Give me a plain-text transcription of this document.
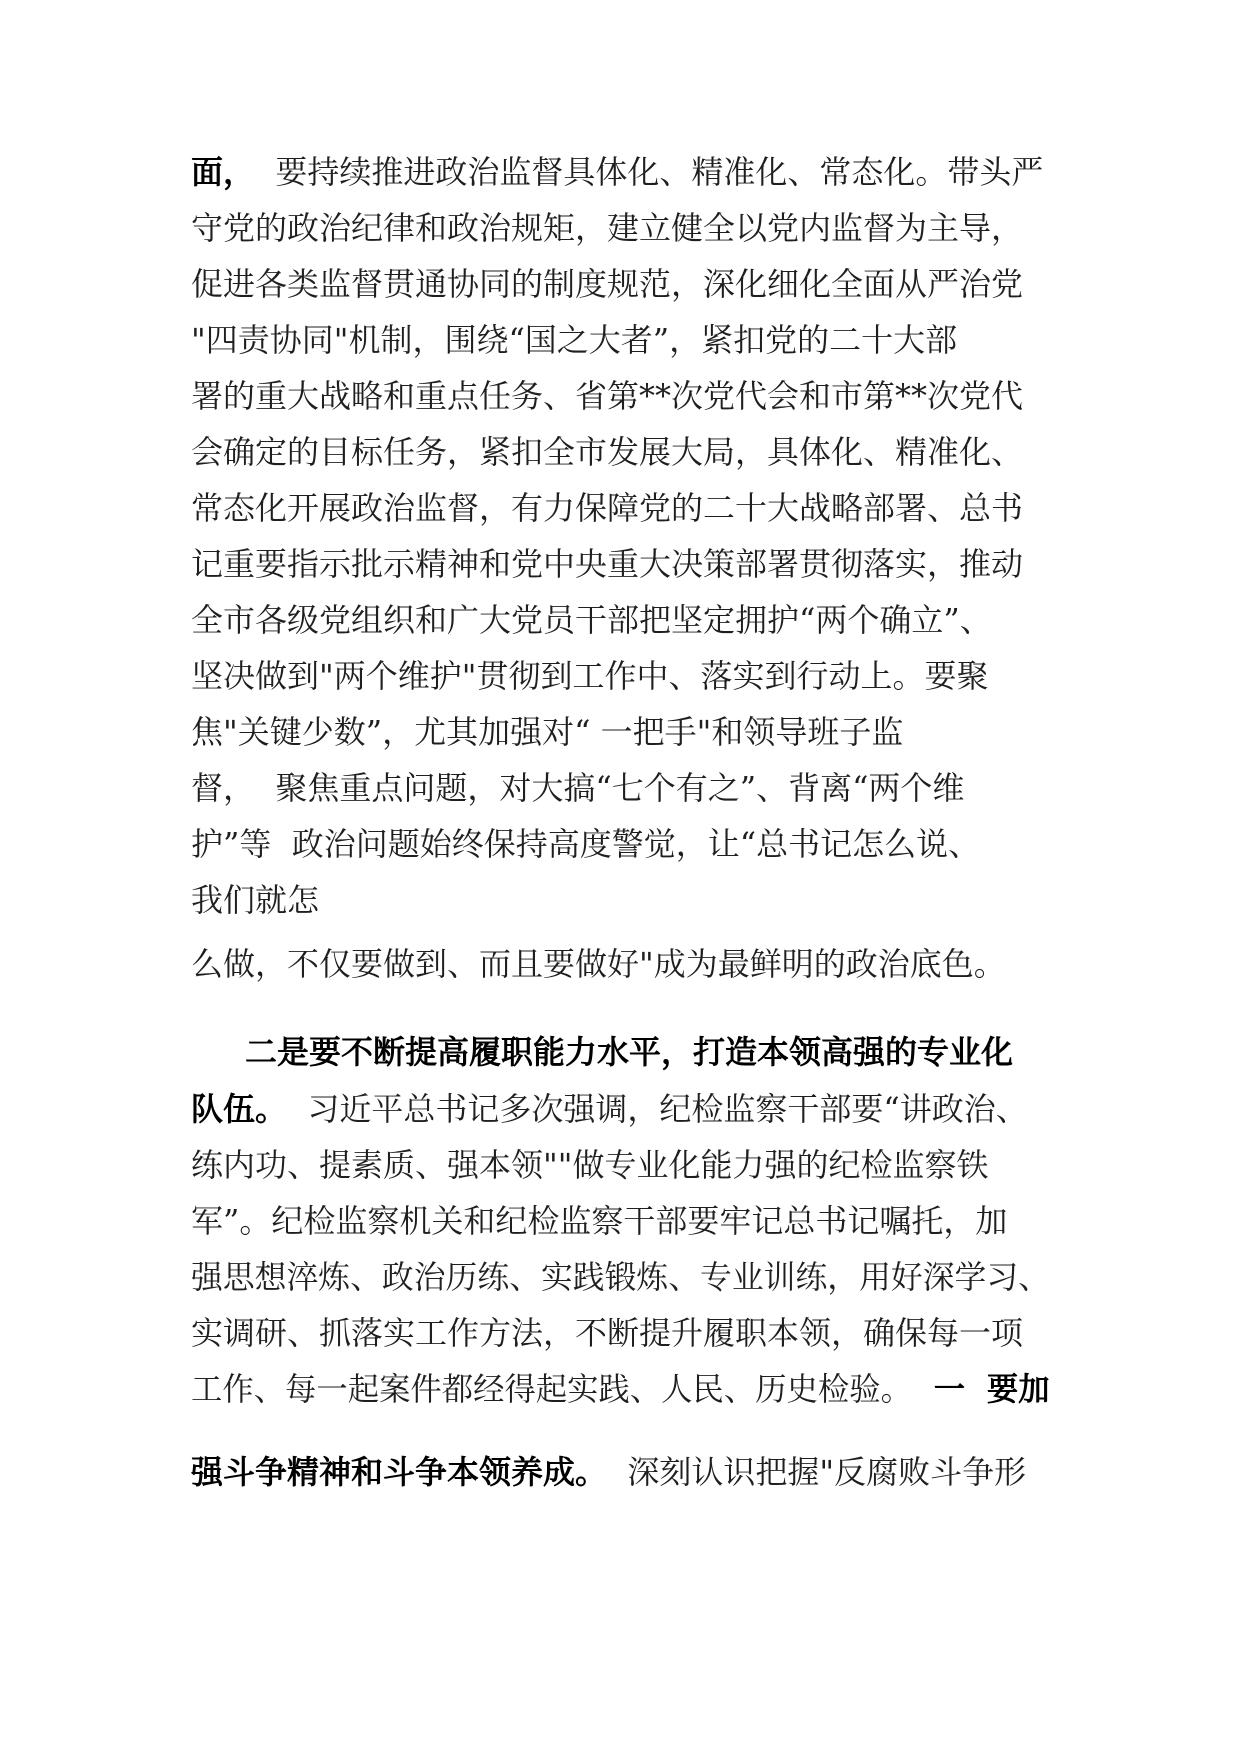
面，  要持续推进政治监督具体化、精准化、常态化。带头严
守党的政治纪律和政治规矩，建立健全以党内监督为主导，
促进各类监督贯通协同的制度规范，深化细化全面从严治党
"四责协同"机制，围绕“国之大者”，紧扣党的二十大部
署的重大战略和重点任务、省第**次党代会和市第**次党代
会确定的目标任务，紧扣全市发展大局，具体化、精准化、
常态化开展政治监督，有力保障党的二十大战略部署、总书
记重要指示批示精神和党中央重大决策部署贯彻落实，推动
全市各级党组织和广大党员干部把坚定拥护“两个确立”、
坚决做到"两个维护"贯彻到工作中、落实到行动上。要聚
焦"关键少数”，尤其加强对“ 一把手"和领导班子监
督，  聚焦重点问题，对大搞“七个有之”、背离“两个维
护”等  政治问题始终保持高度警觉，让“总书记怎么说、
我们就怎
么做，不仅要做到、而且要做好"成为最鲜明的政治底色。
二是要不断提高履职能力水平，打造本领高强的专业化
队伍。  习近平总书记多次强调，纪检监察干部要“讲政治、
练内功、提素质、强本领""做专业化能力强的纪检监察铁
军”。纪检监察机关和纪检监察干部要牢记总书记嘱托，加
强思想淬炼、政治历练、实践锻炼、专业训练，用好深学习、
实调研、抓落实工作方法，不断提升履职本领，确保每一项
工作、每一起案件都经得起实践、人民、历史检验。  一  要加
强斗争精神和斗争本领养成。  深刻认识把握"反腐败斗争形
